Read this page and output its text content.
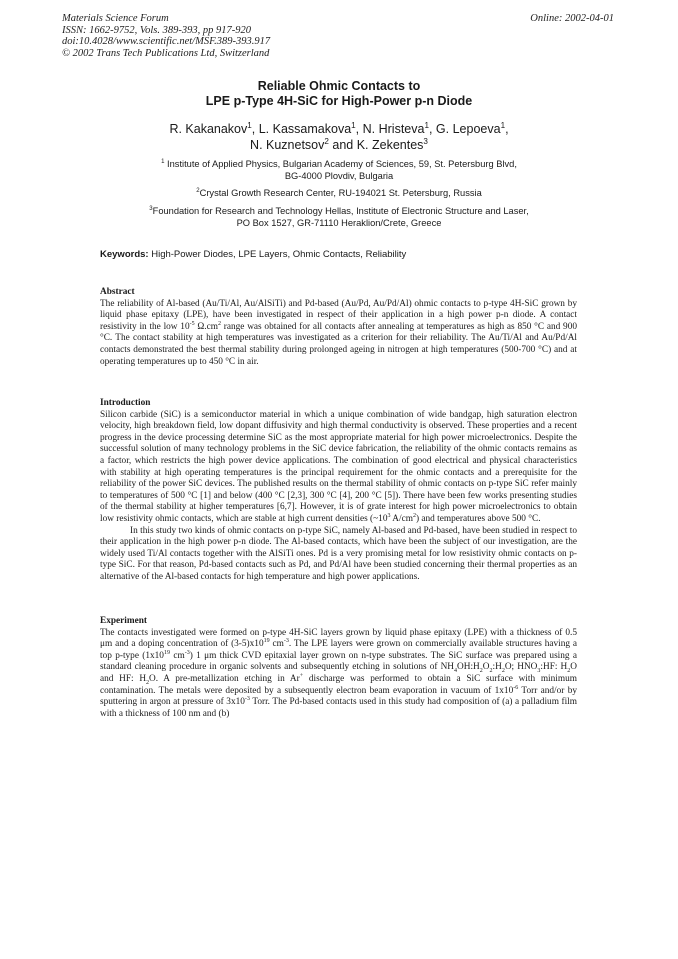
Materials Science Forum
ISSN: 1662-9752, Vols. 389-393, pp 917-920
doi:10.4028/www.scientific.net/MSF.389-393.917
© 2002 Trans Tech Publications Ltd, Switzerland
Online: 2002-04-01
Reliable Ohmic Contacts to
LPE p-Type 4H-SiC for High-Power p-n Diode
R. Kakanakov$^1$, L. Kassamakova$^1$, N. Hristeva$^1$, G. Lepoeva$^1$,
N. Kuznetsov$^2$ and K. Zekentes$^3$
$^1$ Institute of Applied Physics, Bulgarian Academy of Sciences, 59, St. Petersburg Blvd,
BG-4000 Plovdiv, Bulgaria
$^2$Crystal Growth Research Center, RU-194021 St. Petersburg, Russia
$^3$Foundation for Research and Technology Hellas, Institute of Electronic Structure and Laser,
PO Box 1527, GR-71110 Heraklion/Crete, Greece
Keywords: High-Power Diodes, LPE Layers, Ohmic Contacts, Reliability

Abstract

The reliability of Al-based (Au/Ti/Al, Au/AlSiTi) and Pd-based (Au/Pd, Au/Pd/Al) ohmic contacts to p-type 4H-SiC grown by liquid phase epitaxy (LPE), have been investigated in respect of their application in a high power p-n diode. A contact resistivity in the low $10^{-5}$ $\Omega.cm^2$ range was obtained for all contacts after annealing at temperatures as high as 850 °C and 900 °C. The contact stability at high temperatures was investigated as a criterion for their reliability. The Au/Ti/Al and Au/Pd/Al contacts demonstrated the best thermal stability during prolonged ageing in nitrogen at high temperatures (500-700 °C) and at operating temperatures up to 450 °C in air.

Introduction

Silicon carbide (SiC) is a semiconductor material in which a unique combination of wide bandgap, high saturation electron velocity, high breakdown field, low dopant diffusivity and high thermal conductivity is observed. These properties and a recent progress in the device processing determine SiC as the most appropriate material for high power microelectronics. Despite the successful solution of many technology problems in the SiC device fabrication, the reliability of the ohmic contacts remains as a factor, which restricts the high power device applications. The combination of good electrical and physical characteristics with stability at high operating temperatures is the principal requirement for the ohmic contacts and a prerequisite for the reliability of the power SiC devices. The published results on the thermal stability of ohmic contacts on p-type SiC refer mainly to temperatures of 500 °C [1] and below (400 °C [2,3], 300 °C [4], 200 °C [5]). There have been few works presenting studies of the thermal stability at higher temperatures [6,7]. However, it is of grate interest for high power microelectronics to obtain low resistivity ohmic contacts, which are stable at high current densities ($\sim 10^3$ $A/cm^2$) and temperatures above 500 °C.

In this study two kinds of ohmic contacts on p-type SiC, namely Al-based and Pd-based, have been studied in respect to their application in the high power p-n diode. The Al-based contacts, which have been the subject of our investigation, are the widely used Ti/Al contacts together with the AlSiTi ones. Pd is a very promising metal for low resistivity ohmic contacts on p-type SiC. For that reason, Pd-based contacts such as Pd, and Pd/Al have been studied concerning their thermal properties as an alternative of the Al-based contacts for high temperature and high power applications.

Experiment

The contacts investigated were formed on p-type 4H-SiC layers grown by liquid phase epitaxy (LPE) with a thickness of 0.5 μm and a doping concentration of $(3-5)x10^{19}$ $cm^{-3}$. The LPE layers were grown on commercially available structures having a top p-type ($1x10^{19}$ $cm^{-3}$) 1 μm thick CVD epitaxial layer grown on n-type substrates. The SiC surface was prepared using a standard cleaning procedure in organic solvents and subsequently etching in solutions of $NH_4OH:H_2O_2:H_2O$; $HNO_3:HF$: $H_2O$ and HF: $H_2O$. A pre-metallization etching in Ar+ discharge was performed to obtain a SiC surface with minimum contamination. The metals were deposited by a subsequently electron beam evaporation in vacuum of $1x10^{-6}$ Torr and/or by sputtering in argon at pressure of $3x10^{-3}$ Torr. The Pd-based contacts used in this study had composition of (a) a palladium film with a thickness of 100 nm and (b)
